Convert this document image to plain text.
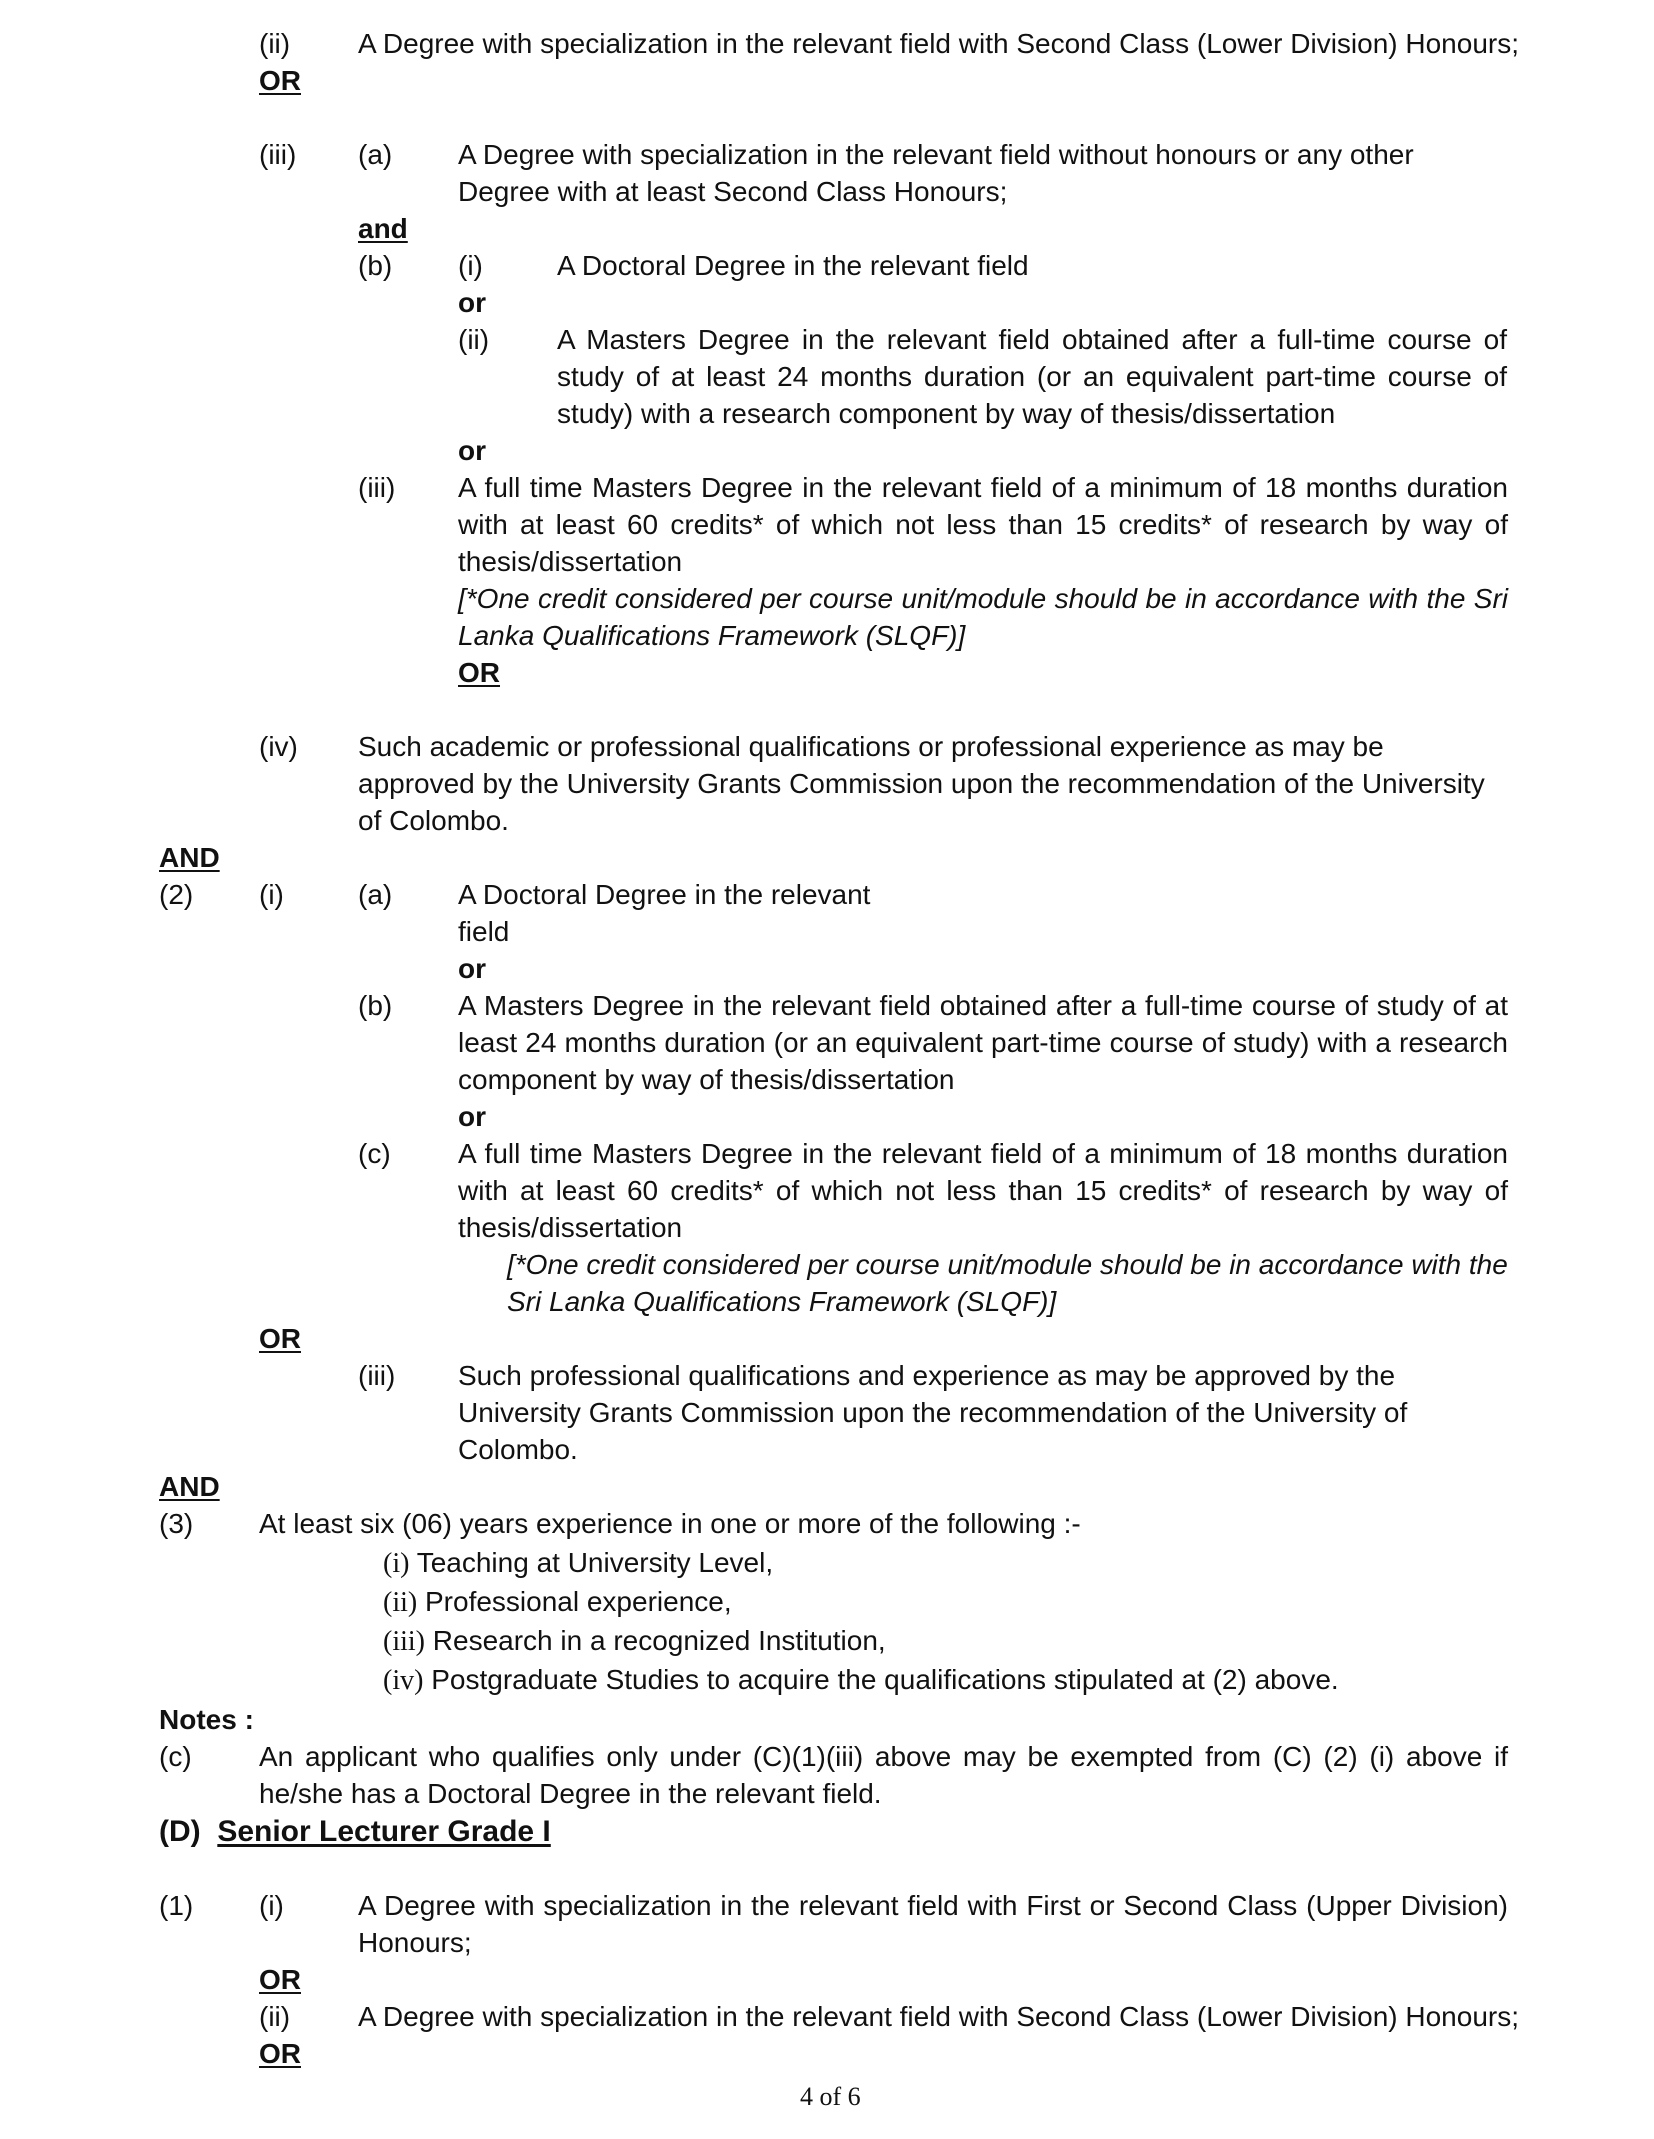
(ii) A Degree with specialization in the relevant field with Second Class (Lower Division) Honours;
OR
(iii) (a) A Degree with specialization in the relevant field without honours or any other Degree with at least Second Class Honours;
and
(b) (i)	A Doctoral Degree in the relevant field
or
(ii) A Masters Degree in the relevant field obtained after a full-time course of study of at least 24 months duration (or an equivalent part-time course of study) with a research component by way of thesis/dissertation
or
(iii) A full time Masters Degree in the relevant field of a minimum of 18 months duration with at least 60 credits* of which not less than 15 credits* of research by way of thesis/dissertation
[*One credit considered per course unit/module should be in accordance with the Sri Lanka Qualifications Framework (SLQF)]
OR
(iv) Such academic or professional qualifications or professional experience as may be approved by the University Grants Commission upon the recommendation of the University of Colombo.
AND
(2) (i)	(a) A Doctoral Degree in the relevant
field
or
(b) A Masters Degree in the relevant field obtained after a full-time course of study of at least 24 months duration (or an equivalent part-time course of study) with a research component by way of thesis/dissertation
or
(c) A full time Masters Degree in the relevant field of a minimum of 18 months duration with at least 60 credits* of which not less than 15 credits* of research by way of thesis/dissertation
[*One credit considered per course unit/module should be in accordance with the Sri Lanka Qualifications Framework (SLQF)]
OR
(iii) Such professional qualifications and experience as may be approved by the University Grants Commission upon the recommendation of the University of Colombo.
AND
(3) At least six (06) years experience in one or more of the following :-
(i) Teaching at University Level,
(ii) Professional experience,
(iii) Research in a recognized Institution,
(iv) Postgraduate Studies to acquire the qualifications stipulated at (2) above.
Notes :
(c) An applicant who qualifies only under (C)(1)(iii) above may be exempted from (C) (2) (i) above if he/she has a Doctoral Degree in the relevant field.
(D) Senior Lecturer Grade I
(1) (i)	A Degree with specialization in the relevant field with First or Second Class (Upper Division) Honours;
OR
(ii) A Degree with specialization in the relevant field with Second Class (Lower Division) Honours;
OR
4 of 6
